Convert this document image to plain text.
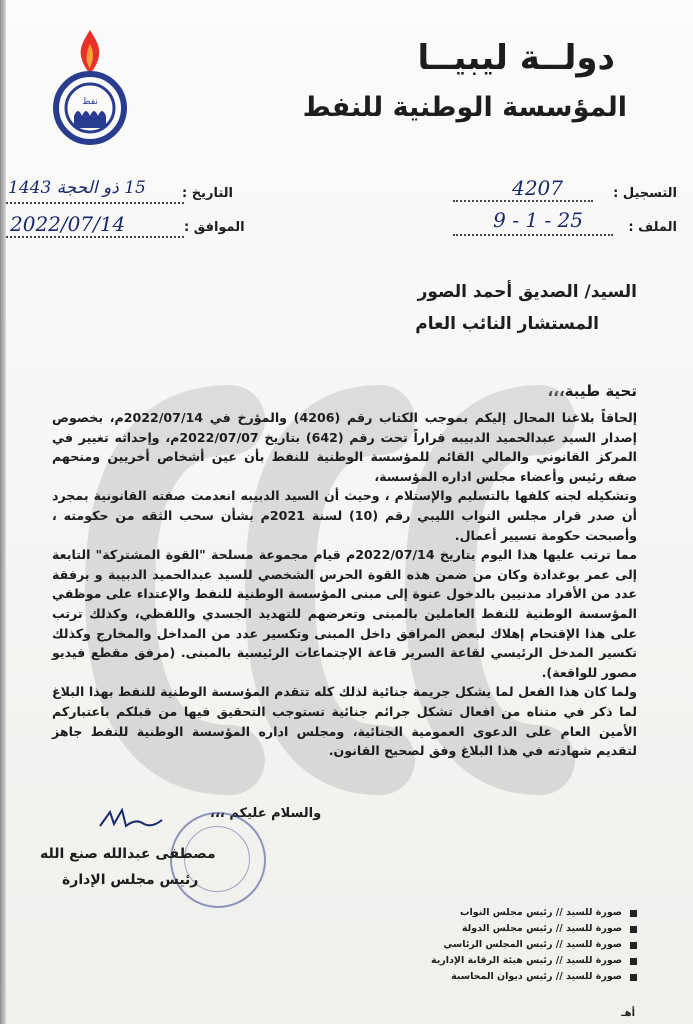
نفط
دولــة ليبيــا
المؤسسة الوطنية للنفط
التسجيل :
4207
الملف :
25 - 1 - 9
التاريخ :
15 ذو الحجة 1443
الموافق :
2022/07/14
السيد/ الصديق أحمد الصور
المستشار النائب العام
تحية طيبة،،،

إلحاقاً بلاغنا المحال إليكم بموجب الكتاب رقم (4206) والمؤرخ في 2022/07/14م، بخصوص إصدار السيد عبدالحميد الدبيبه قراراً تحت رقم (642) بتاريخ 2022/07/07م، وإحداثه تغيير في المركز القانوني والمالي القائم للمؤسسة الوطنية للنفط بأن عين أشخاص أخريين ومنحهم صفه رئيس وأعضاء مجلس اداره المؤسسة،

وتشكيله لجنه كلفها بالتسليم والإستلام ، وحيث أن السيد الدبيبه انعدمت صفته القانونية بمجرد أن صدر قرار مجلس النواب الليبي رقم (10) لسنة 2021م بشأن سحب الثقه من حكومته ، وأصبحت حكومة تسيير أعمال.

مما ترتب عليها هذا اليوم بتاريخ 2022/07/14م قيام مجموعة مسلحة "القوة المشتركة" التابعة إلى عمر بوغدادة وكان من ضمن هذه القوة الحرس الشخصي للسيد عبدالحميد الدبيبة و برفقة عدد من الأفراد مدنيين بالدخول عنوة إلى مبنى المؤسسة الوطنية للنفط والإعتداء على موظفي المؤسسة الوطنية للنفط العاملين بالمبنى وتعرضهم للتهديد الجسدي واللفظي، وكذلك ترتب على هذا الإقتحام إهلاك لبعض المرافق داخل المبنى وتكسير عدد من المداخل والمخارج وكذلك تكسير المدخل الرئيسي لقاعة السرير قاعة الإجتماعات الرئيسية بالمبنى. (مرفق مقطع فيديو مصور للواقعة).

ولما كان هذا الفعل لما يشكل جريمة جنائية لذلك كله تتقدم المؤسسة الوطنية للنفط بهذا البلاغ لما ذكر في متناه من افعال تشكل جرائم جنائية تستوجب التحقيق فيها من قبلكم باعتباركم الأمين العام على الدعوى العمومية الجنائية، ومجلس اداره المؤسسة الوطنية للنفط جاهز لتقديم شهادته في هذا البلاغ وفق لصحيح القانون.

والسلام عليكم ،،،
مصطفى عبدالله صنع الله
رئيس مجلس الإدارة
صورة للسيد // رئيس مجلس النواب
صورة للسيد // رئيس مجلس الدولة
صورة للسيد // رئيس المجلس الرئاسي
صورة للسيد // رئيس هيئة الرقابة الإدارية
صورة للسيد // رئيس ديوان المحاسبة
أهـ
